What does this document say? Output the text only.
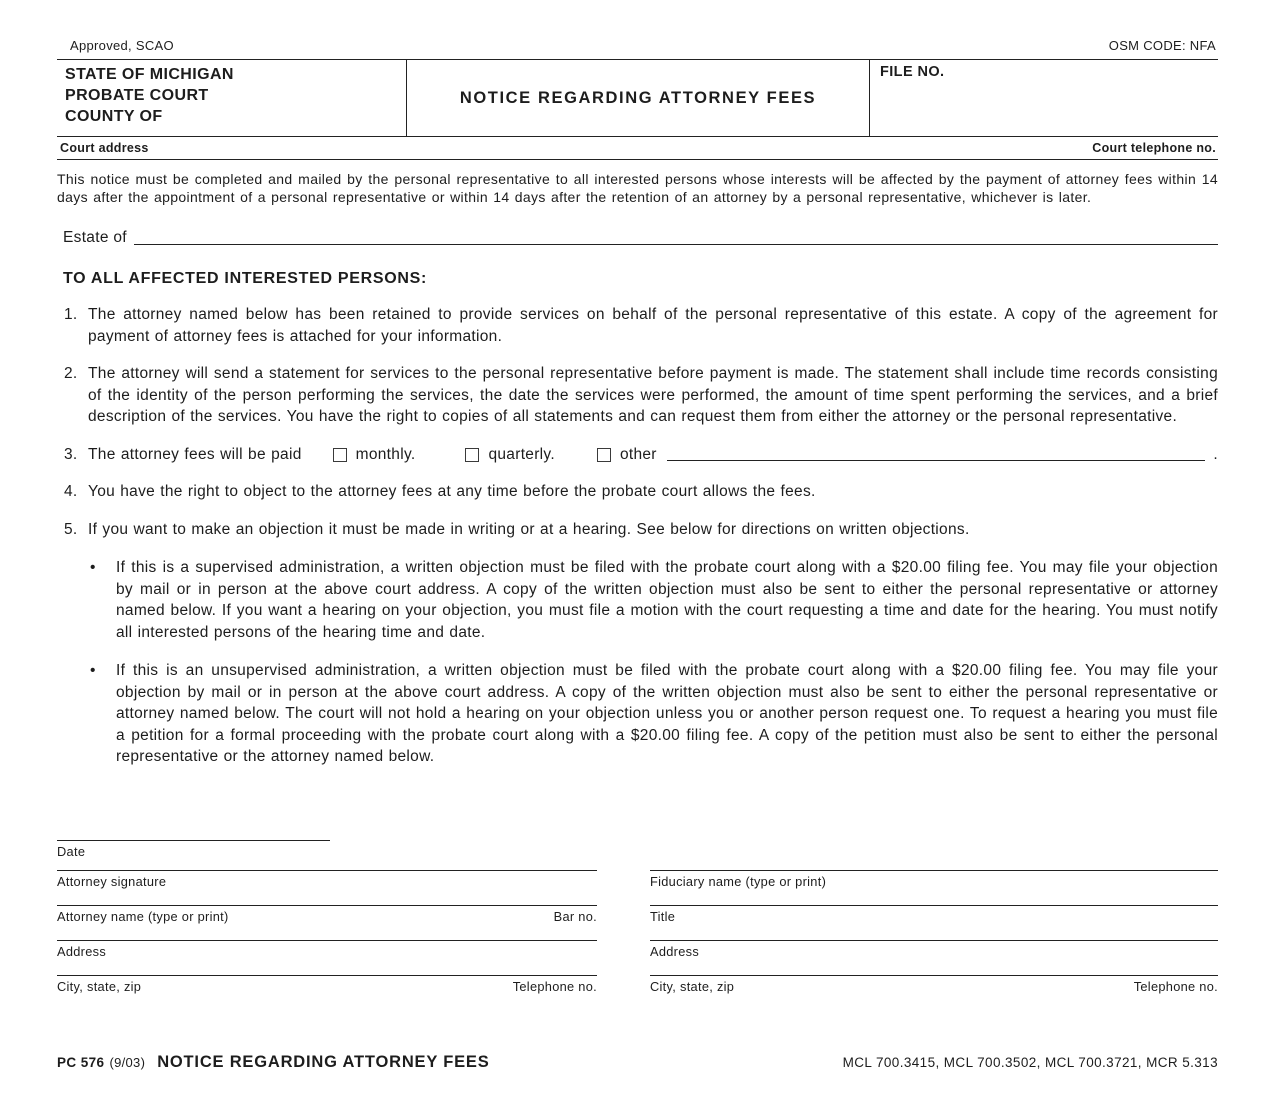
Approved, SCAO	OSM CODE: NFA
STATE OF MICHIGAN
PROBATE COURT
COUNTY OF
NOTICE REGARDING ATTORNEY FEES
FILE NO.
Court address	Court telephone no.

This notice must be completed and mailed by the personal representative to all interested persons whose interests will be affected by the payment of attorney fees within 14 days after the appointment of a personal representative or within 14 days after the retention of an attorney by a personal representative, whichever is later.

Estate of
TO ALL AFFECTED INTERESTED PERSONS:
1. The attorney named below has been retained to provide services on behalf of the personal representative of this estate. A copy of the agreement for payment of attorney fees is attached for your information.
2. The attorney will send a statement for services to the personal representative before payment is made. The statement shall include time records consisting of the identity of the person performing the services, the date the services were performed, the amount of time spent performing the services, and a brief description of the services. You have the right to copies of all statements and can request them from either the attorney or the personal representative.
3. The attorney fees will be paid	monthly.	quarterly.	other	.
4. You have the right to object to the attorney fees at any time before the probate court allows the fees.
5. If you want to make an objection it must be made in writing or at a hearing. See below for directions on written objections.
•	If this is a supervised administration, a written objection must be filed with the probate court along with a $20.00 filing fee. You may file your objection by mail or in person at the above court address. A copy of the written objection must also be sent to either the personal representative or attorney named below. If you want a hearing on your objection, you must file a motion with the court requesting a time and date for the hearing. You must notify all interested persons of the hearing time and date.
•	If this is an unsupervised administration, a written objection must be filed with the probate court along with a $20.00 filing fee. You may file your objection by mail or in person at the above court address. A copy of the written objection must also be sent to either the personal representative or attorney named below. The court will not hold a hearing on your objection unless you or another person request one. To request a hearing you must file a petition for a formal proceeding with the probate court along with a $20.00 filing fee. A copy of the petition must also be sent to either the personal representative or the attorney named below.
Date
Attorney signature
Attorney name (type or print)	Bar no.
Address
City, state, zip	Telephone no.
Fiduciary name (type or print)
Title
Address
City, state, zip	Telephone no.
PC 576 (9/03) NOTICE REGARDING ATTORNEY FEES	MCL 700.3415, MCL 700.3502, MCL 700.3721, MCR 5.313
